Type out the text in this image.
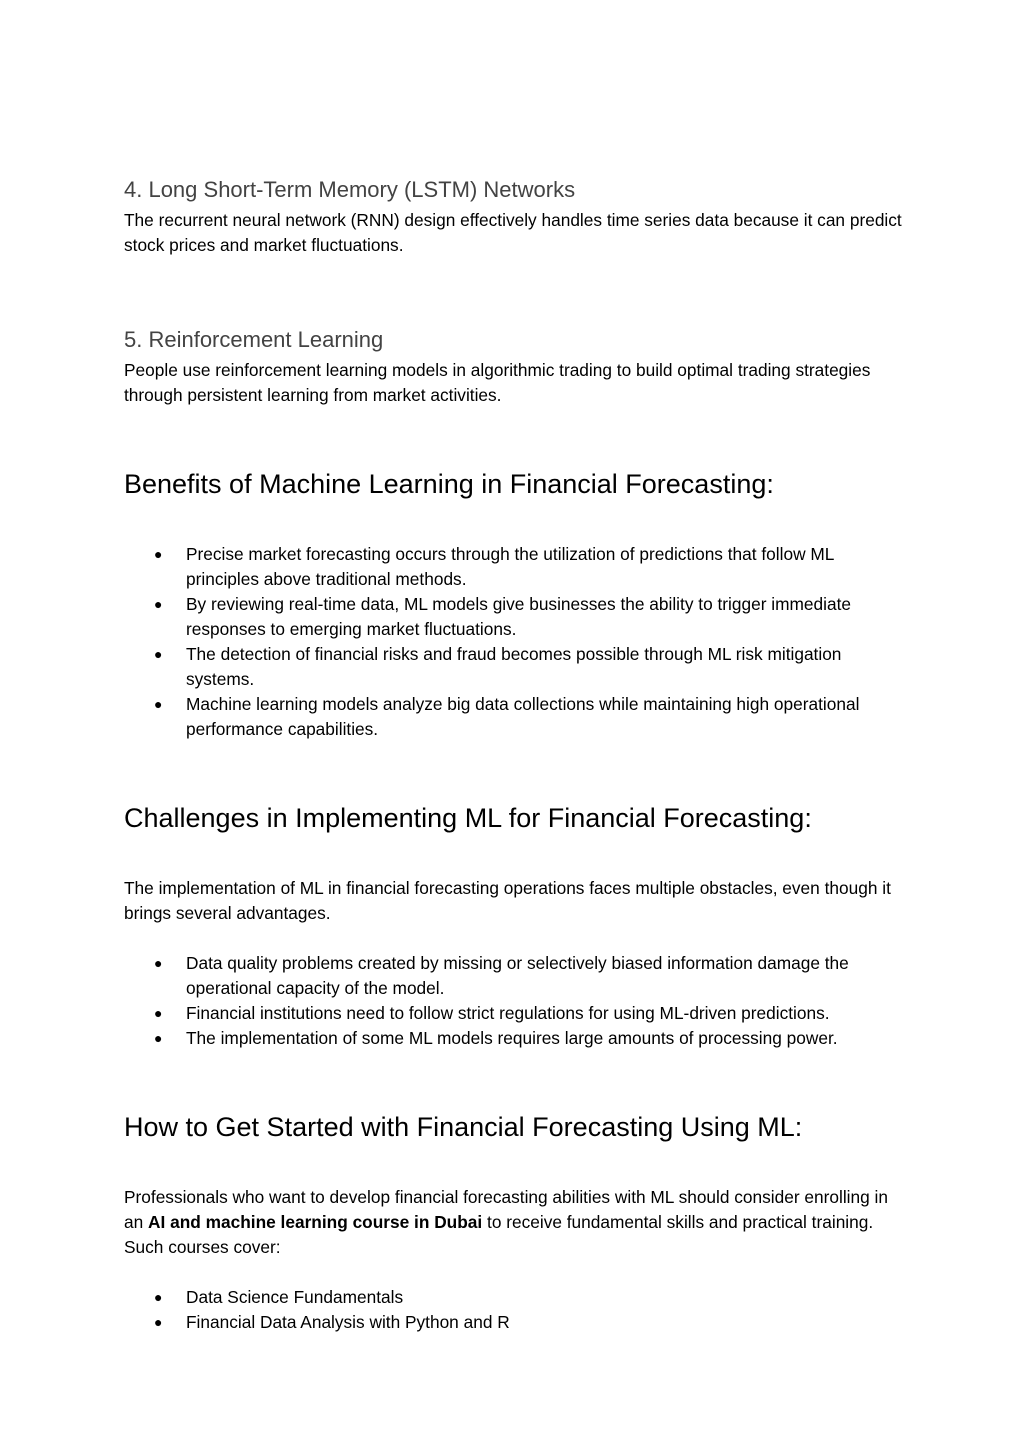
4. Long Short-Term Memory (LSTM) Networks

The recurrent neural network (RNN) design effectively handles time series data because it can predict stock prices and market fluctuations.

5. Reinforcement Learning

People use reinforcement learning models in algorithmic trading to build optimal trading strategies through persistent learning from market activities.

Benefits of Machine Learning in Financial Forecasting:
● Precise market forecasting occurs through the utilization of predictions that follow ML principles above traditional methods.
● By reviewing real-time data, ML models give businesses the ability to trigger immediate responses to emerging market fluctuations.
● The detection of financial risks and fraud becomes possible through ML risk mitigation systems.
● Machine learning models analyze big data collections while maintaining high operational performance capabilities.
Challenges in Implementing ML for Financial Forecasting:

The implementation of ML in financial forecasting operations faces multiple obstacles, even though it brings several advantages.

● Data quality problems created by missing or selectively biased information damage the operational capacity of the model.
● Financial institutions need to follow strict regulations for using ML-driven predictions.
● The implementation of some ML models requires large amounts of processing power.
How to Get Started with Financial Forecasting Using ML:

Professionals who want to develop financial forecasting abilities with ML should consider enrolling in an AI and machine learning course in Dubai to receive fundamental skills and practical training. Such courses cover:

● Data Science Fundamentals
● Financial Data Analysis with Python and R
